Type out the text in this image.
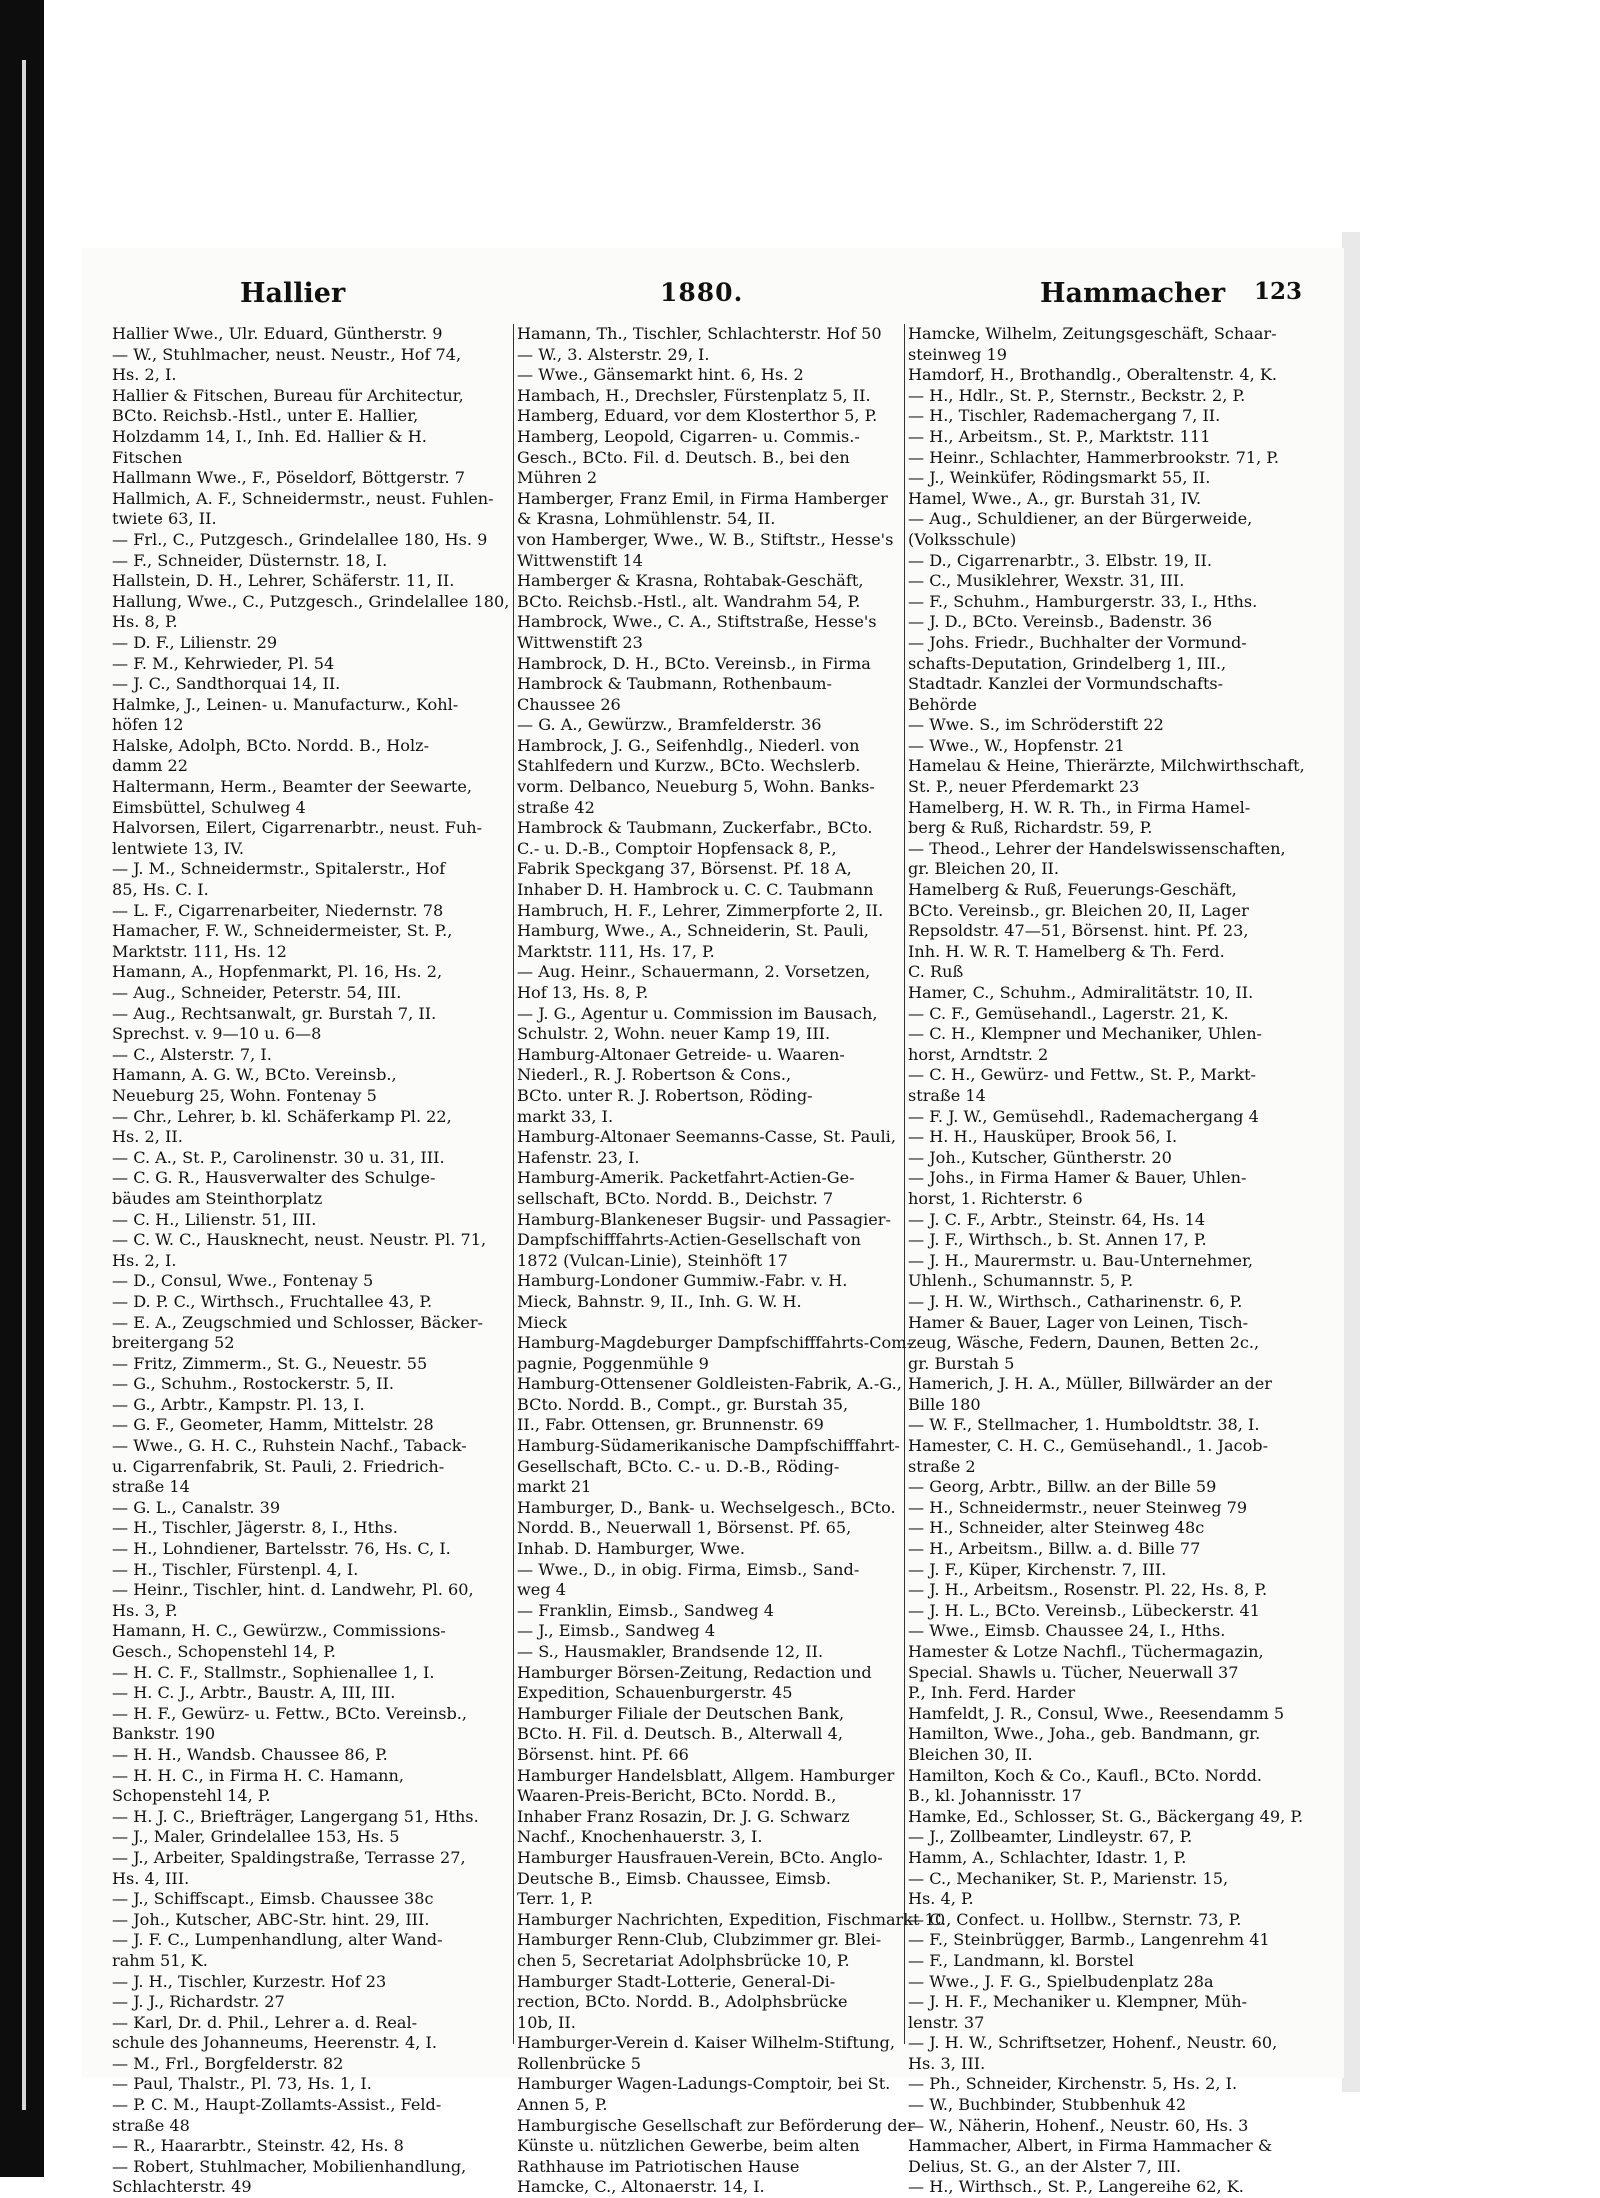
Hallier	1880.	Hammacher 123
Hallier Wwe., Ulr. Eduard, Güntherstr. 9
— W., Stuhlmacher, neust. Neustr., Hof 74,
Hs. 2, I.
Hallier & Fitschen, Bureau für Architectur,
BCto. Reichsb.-Hstl., unter E. Hallier,
Holzdamm 14, I., Inh. Ed. Hallier & H.
Fitschen
Hallmann Wwe., F., Pöseldorf, Böttgerstr. 7
Hallmich, A. F., Schneidermstr., neust. Fuhlen-
twiete 63, II.
— Frl., C., Putzgesch., Grindelallee 180, Hs. 9
— F., Schneider, Düsternstr. 18, I.
Hallstein, D. H., Lehrer, Schäferstr. 11, II.
Hallung, Wwe., C., Putzgesch., Grindelallee 180,
Hs. 8, P.
— D. F., Lilienstr. 29
— F. M., Kehrwieder, Pl. 54
— J. C., Sandthorquai 14, II.
Halmke, J., Leinen- u. Manufacturw., Kohl-
höfen 12
Halske, Adolph, BCto. Nordd. B., Holz-
damm 22
Haltermann, Herm., Beamter der Seewarte,
Eimsbüttel, Schulweg 4
Halvorsen, Eilert, Cigarrenarbtr., neust. Fuh-
lentwiete 13, IV.
— J. M., Schneidermstr., Spitalerstr., Hof
85, Hs. C. I.
— L. F., Cigarrenarbeiter, Niedernstr. 78
Hamacher, F. W., Schneidermeister, St. P.,
Marktstr. 111, Hs. 12
Hamann, A., Hopfenmarkt, Pl. 16, Hs. 2,
— Aug., Schneider, Peterstr. 54, III.
— Aug., Rechtsanwalt, gr. Burstah 7, II.
Sprechst. v. 9—10 u. 6—8
— C., Alsterstr. 7, I.
Hamann, A. G. W., BCto. Vereinsb.,
Neueburg 25, Wohn. Fontenay 5
— Chr., Lehrer, b. kl. Schäferkamp Pl. 22,
Hs. 2, II.
— C. A., St. P., Carolinenstr. 30 u. 31, III.
— C. G. R., Hausverwalter des Schulge-
bäudes am Steinthorplatz
— C. H., Lilienstr. 51, III.
— C. W. C., Hausknecht, neust. Neustr. Pl. 71,
Hs. 2, I.
— D., Consul, Wwe., Fontenay 5
— D. P. C., Wirthsch., Fruchtallee 43, P.
— E. A., Zeugschmied und Schlosser, Bäcker-
breitergang 52
— Fritz, Zimmerm., St. G., Neuestr. 55
— G., Schuhm., Rostockerstr. 5, II.
— G., Arbtr., Kampstr. Pl. 13, I.
— G. F., Geometer, Hamm, Mittelstr. 28
— Wwe., G. H. C., Ruhstein Nachf., Taback-
u. Cigarrenfabrik, St. Pauli, 2. Friedrich-
straße 14
— G. L., Canalstr. 39
— H., Tischler, Jägerstr. 8, I., Hths.
— H., Lohndiener, Bartelsstr. 76, Hs. C, I.
— H., Tischler, Fürstenpl. 4, I.
— Heinr., Tischler, hint. d. Landwehr, Pl. 60,
Hs. 3, P.
Hamann, H. C., Gewürzw., Commissions-
Gesch., Schopenstehl 14, P.
— H. C. F., Stallmstr., Sophienallee 1, I.
— H. C. J., Arbtr., Baustr. A, III, III.
— H. F., Gewürz- u. Fettw., BCto. Vereinsb.,
Bankstr. 190
— H. H., Wandsb. Chaussee 86, P.
— H. H. C., in Firma H. C. Hamann,
Schopenstehl 14, P.
— H. J. C., Briefträger, Langergang 51, Hths.
— J., Maler, Grindelallee 153, Hs. 5
— J., Arbeiter, Spaldingstraße, Terrasse 27,
Hs. 4, III.
— J., Schiffscapt., Eimsb. Chaussee 38c
— Joh., Kutscher, ABC-Str. hint. 29, III.
— J. F. C., Lumpenhandlung, alter Wand-
rahm 51, K.
— J. H., Tischler, Kurzestr. Hof 23
— J. J., Richardstr. 27
— Karl, Dr. d. Phil., Lehrer a. d. Real-
schule des Johanneums, Heerenstr. 4, I.
— M., Frl., Borgfelderstr. 82
— Paul, Thalstr., Pl. 73, Hs. 1, I.
— P. C. M., Haupt-Zollamts-Assist., Feld-
straße 48
— R., Haararbtr., Steinstr. 42, Hs. 8
— Robert, Stuhlmacher, Mobilienhandlung,
Schlachterstr. 49
Hamann, Th., Tischler, Schlachterstr. Hof 50
— W., 3. Alsterstr. 29, I.
— Wwe., Gänsemarkt hint. 6, Hs. 2
Hambach, H., Drechsler, Fürstenplatz 5, II.
Hamberg, Eduard, vor dem Klosterthor 5, P.
Hamberg, Leopold, Cigarren- u. Commis.-
Gesch., BCto. Fil. d. Deutsch. B., bei den
Mühren 2
Hamberger, Franz Emil, in Firma Hamberger
& Krasna, Lohmühlenstr. 54, II.
von Hamberger, Wwe., W. B., Stiftstr., Hesse's
Wittwenstift 14
Hamberger & Krasna, Rohtabak-Geschäft,
BCto. Reichsb.-Hstl., alt. Wandrahm 54, P.
Hambrock, Wwe., C. A., Stiftstraße, Hesse's
Wittwenstift 23
Hambrock, D. H., BCto. Vereinsb., in Firma
Hambrock & Taubmann, Rothenbaum-
Chaussee 26
— G. A., Gewürzw., Bramfelderstr. 36
Hambrock, J. G., Seifenhdlg., Niederl. von
Stahlfedern und Kurzw., BCto. Wechslerb.
vorm. Delbanco, Neueburg 5, Wohn. Banks-
straße 42
Hambrock & Taubmann, Zuckerfabr., BCto.
C.- u. D.-B., Comptoir Hopfensack 8, P.,
Fabrik Speckgang 37, Börsenst. Pf. 18 A,
Inhaber D. H. Hambrock u. C. C. Taubmann
Hambruch, H. F., Lehrer, Zimmerpforte 2, II.
Hamburg, Wwe., A., Schneiderin, St. Pauli,
Marktstr. 111, Hs. 17, P.
— Aug. Heinr., Schauermann, 2. Vorsetzen,
Hof 13, Hs. 8, P.
— J. G., Agentur u. Commission im Bausach,
Schulstr. 2, Wohn. neuer Kamp 19, III.
Hamburg-Altonaer Getreide- u. Waaren-
Niederl., R. J. Robertson & Cons.,
BCto. unter R. J. Robertson, Röding-
markt 33, I.
Hamburg-Altonaer Seemanns-Casse, St. Pauli,
Hafenstr. 23, I.
Hamburg-Amerik. Packetfahrt-Actien-Ge-
sellschaft, BCto. Nordd. B., Deichstr. 7
Hamburg-Blankeneser Bugsir- und Passagier-
Dampfschifffahrts-Actien-Gesellschaft von
1872 (Vulcan-Linie), Steinhöft 17
Hamburg-Londoner Gummiw.-Fabr. v. H.
Mieck, Bahnstr. 9, II., Inh. G. W. H.
Mieck
Hamburg-Magdeburger Dampfschifffahrts-Com-
pagnie, Poggenmühle 9
Hamburg-Ottensener Goldleisten-Fabrik, A.-G.,
BCto. Nordd. B., Compt., gr. Burstah 35,
II., Fabr. Ottensen, gr. Brunnenstr. 69
Hamburg-Südamerikanische Dampfschifffahrt-
Gesellschaft, BCto. C.- u. D.-B., Röding-
markt 21
Hamburger, D., Bank- u. Wechselgesch., BCto.
Nordd. B., Neuerwall 1, Börsenst. Pf. 65,
Inhab. D. Hamburger, Wwe.
— Wwe., D., in obig. Firma, Eimsb., Sand-
weg 4
— Franklin, Eimsb., Sandweg 4
— J., Eimsb., Sandweg 4
— S., Hausmakler, Brandsende 12, II.
Hamburger Börsen-Zeitung, Redaction und
Expedition, Schauenburgerstr. 45
Hamburger Filiale der Deutschen Bank,
BCto. H. Fil. d. Deutsch. B., Alterwall 4,
Börsenst. hint. Pf. 66
Hamburger Handelsblatt, Allgem. Hamburger
Waaren-Preis-Bericht, BCto. Nordd. B.,
Inhaber Franz Rosazin, Dr. J. G. Schwarz
Nachf., Knochenhauerstr. 3, I.
Hamburger Hausfrauen-Verein, BCto. Anglo-
Deutsche B., Eimsb. Chaussee, Eimsb.
Terr. 1, P.
Hamburger Nachrichten, Expedition, Fischmarkt 10
Hamburger Renn-Club, Clubzimmer gr. Blei-
chen 5, Secretariat Adolphsbrücke 10, P.
Hamburger Stadt-Lotterie, General-Di-
rection, BCto. Nordd. B., Adolphsbrücke
10b, II.
Hamburger-Verein d. Kaiser Wilhelm-Stiftung,
Rollenbrücke 5
Hamburger Wagen-Ladungs-Comptoir, bei St.
Annen 5, P.
Hamburgische Gesellschaft zur Beförderung der
Künste u. nützlichen Gewerbe, beim alten
Rathhause im Patriotischen Hause
Hamcke, C., Altonaerstr. 14, I.
Hamcke, Wilhelm, Zeitungsgeschäft, Schaar-
steinweg 19
Hamdorf, H., Brothandlg., Oberaltenstr. 4, K.
— H., Hdlr., St. P., Sternstr., Beckstr. 2, P.
— H., Tischler, Rademachergang 7, II.
— H., Arbeitsm., St. P., Marktstr. 111
— Heinr., Schlachter, Hammerbrookstr. 71, P.
— J., Weinküfer, Rödingsmarkt 55, II.
Hamel, Wwe., A., gr. Burstah 31, IV.
— Aug., Schuldiener, an der Bürgerweide,
(Volksschule)
— D., Cigarrenarbtr., 3. Elbstr. 19, II.
— C., Musiklehrer, Wexstr. 31, III.
— F., Schuhm., Hamburgerstr. 33, I., Hths.
— J. D., BCto. Vereinsb., Badenstr. 36
— Johs. Friedr., Buchhalter der Vormund-
schafts-Deputation, Grindelberg 1, III.,
Stadtadr. Kanzlei der Vormundschafts-
Behörde
— Wwe. S., im Schröderstift 22
— Wwe., W., Hopfenstr. 21
Hamelau & Heine, Thierärzte, Milchwirthschaft,
St. P., neuer Pferdemarkt 23
Hamelberg, H. W. R. Th., in Firma Hamel-
berg & Ruß, Richardstr. 59, P.
— Theod., Lehrer der Handelswissenschaften,
gr. Bleichen 20, II.
Hamelberg & Ruß, Feuerungs-Geschäft,
BCto. Vereinsb., gr. Bleichen 20, II, Lager
Repsoldstr. 47—51, Börsenst. hint. Pf. 23,
Inh. H. W. R. T. Hamelberg & Th. Ferd.
C. Ruß
Hamer, C., Schuhm., Admiralitätstr. 10, II.
— C. F., Gemüsehandl., Lagerstr. 21, K.
— C. H., Klempner und Mechaniker, Uhlen-
horst, Arndtstr. 2
— C. H., Gewürz- und Fettw., St. P., Markt-
straße 14
— F. J. W., Gemüsehdl., Rademachergang 4
— H. H., Hausküper, Brook 56, I.
— Joh., Kutscher, Güntherstr. 20
— Johs., in Firma Hamer & Bauer, Uhlen-
horst, 1. Richterstr. 6
— J. C. F., Arbtr., Steinstr. 64, Hs. 14
— J. F., Wirthsch., b. St. Annen 17, P.
— J. H., Maurermstr. u. Bau-Unternehmer,
Uhlenh., Schumannstr. 5, P.
— J. H. W., Wirthsch., Catharinenstr. 6, P.
Hamer & Bauer, Lager von Leinen, Tisch-
zeug, Wäsche, Federn, Daunen, Betten 2c.,
gr. Burstah 5
Hamerich, J. H. A., Müller, Billwärder an der
Bille 180
— W. F., Stellmacher, 1. Humboldtstr. 38, I.
Hamester, C. H. C., Gemüsehandl., 1. Jacob-
straße 2
— Georg, Arbtr., Billw. an der Bille 59
— H., Schneidermstr., neuer Steinweg 79
— H., Schneider, alter Steinweg 48c
— H., Arbeitsm., Billw. a. d. Bille 77
— J. F., Küper, Kirchenstr. 7, III.
— J. H., Arbeitsm., Rosenstr. Pl. 22, Hs. 8, P.
— J. H. L., BCto. Vereinsb., Lübeckerstr. 41
— Wwe., Eimsb. Chaussee 24, I., Hths.
Hamester & Lotze Nachfl., Tüchermagazin,
Special. Shawls u. Tücher, Neuerwall 37
P., Inh. Ferd. Harder
Hamfeldt, J. R., Consul, Wwe., Reesendamm 5
Hamilton, Wwe., Joha., geb. Bandmann, gr.
Bleichen 30, II.
Hamilton, Koch & Co., Kaufl., BCto. Nordd.
B., kl. Johannisstr. 17
Hamke, Ed., Schlosser, St. G., Bäckergang 49, P.
— J., Zollbeamter, Lindleystr. 67, P.
Hamm, A., Schlachter, Idastr. 1, P.
— C., Mechaniker, St. P., Marienstr. 15,
Hs. 4, P.
— C., Confect. u. Hollbw., Sternstr. 73, P.
— F., Steinbrügger, Barmb., Langenrehm 41
— F., Landmann, kl. Borstel
— Wwe., J. F. G., Spielbudenplatz 28a
— J. H. F., Mechaniker u. Klempner, Müh-
lenstr. 37
— J. H. W., Schriftsetzer, Hohenf., Neustr. 60,
Hs. 3, III.
— Ph., Schneider, Kirchenstr. 5, Hs. 2, I.
— W., Buchbinder, Stubbenhuk 42
— W., Näherin, Hohenf., Neustr. 60, Hs. 3
Hammacher, Albert, in Firma Hammacher &
Delius, St. G., an der Alster 7, III.
— H., Wirthsch., St. P., Langereihe 62, K.
